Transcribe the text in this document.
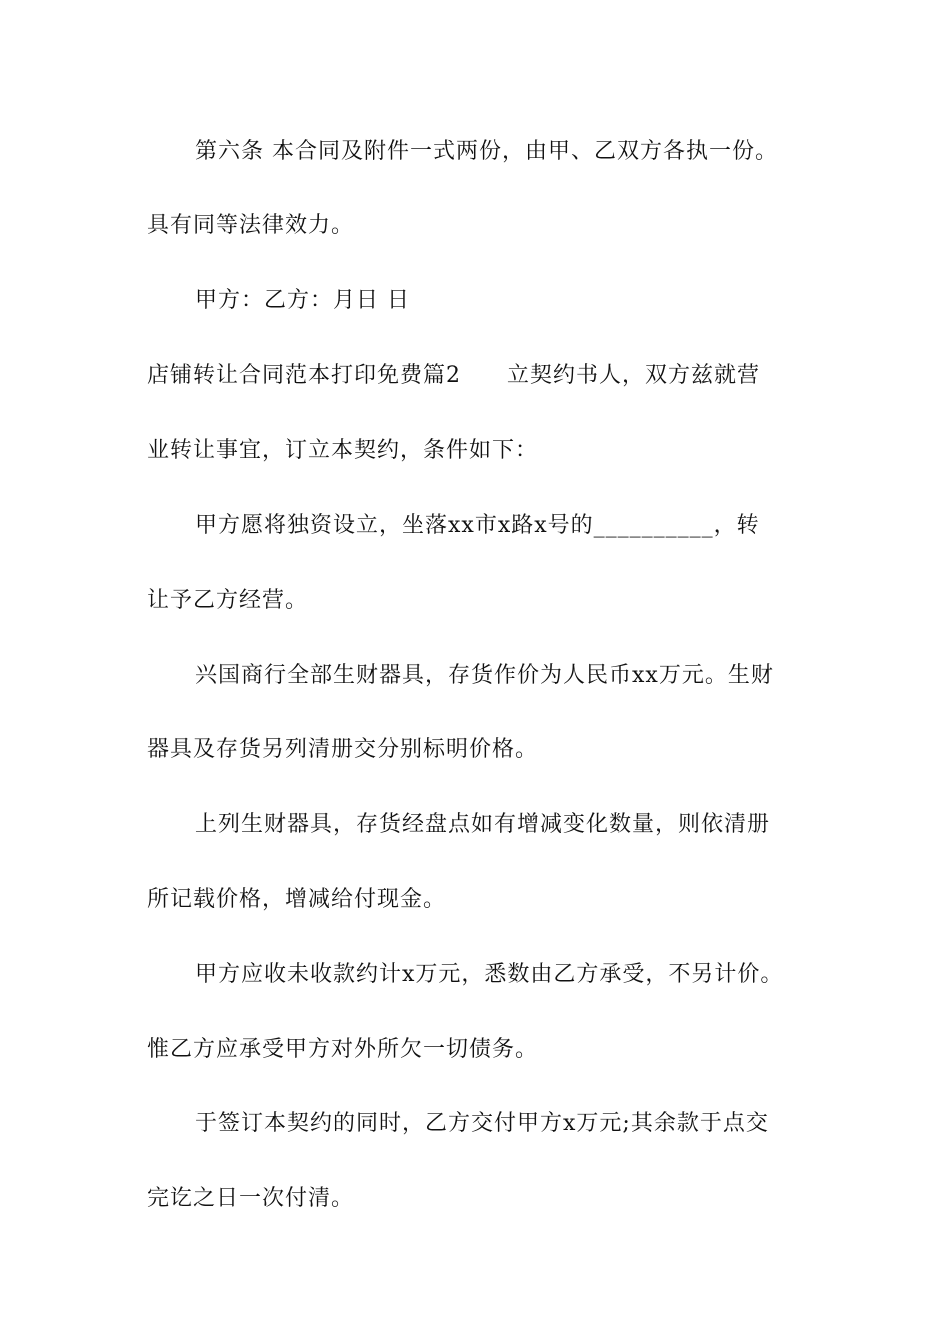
第六条 本合同及附件一式两份，由甲、乙双方各执一份。
具有同等法律效力。
甲方：乙方：月日 日
店铺转让合同范本打印免费篇2 立契约书人，双方兹就营
业转让事宜，订立本契约，条件如下：
甲方愿将独资设立，坐落xx市x路x号的__________，转
让予乙方经营。
兴国商行全部生财器具，存货作价为人民币xx万元。生财
器具及存货另列清册交分别标明价格。
上列生财器具，存货经盘点如有增减变化数量，则依清册
所记载价格，增减给付现金。
甲方应收未收款约计x万元，悉数由乙方承受，不另计价。
惟乙方应承受甲方对外所欠一切债务。
于签订本契约的同时，乙方交付甲方x万元;其余款于点交
完讫之日一次付清。
